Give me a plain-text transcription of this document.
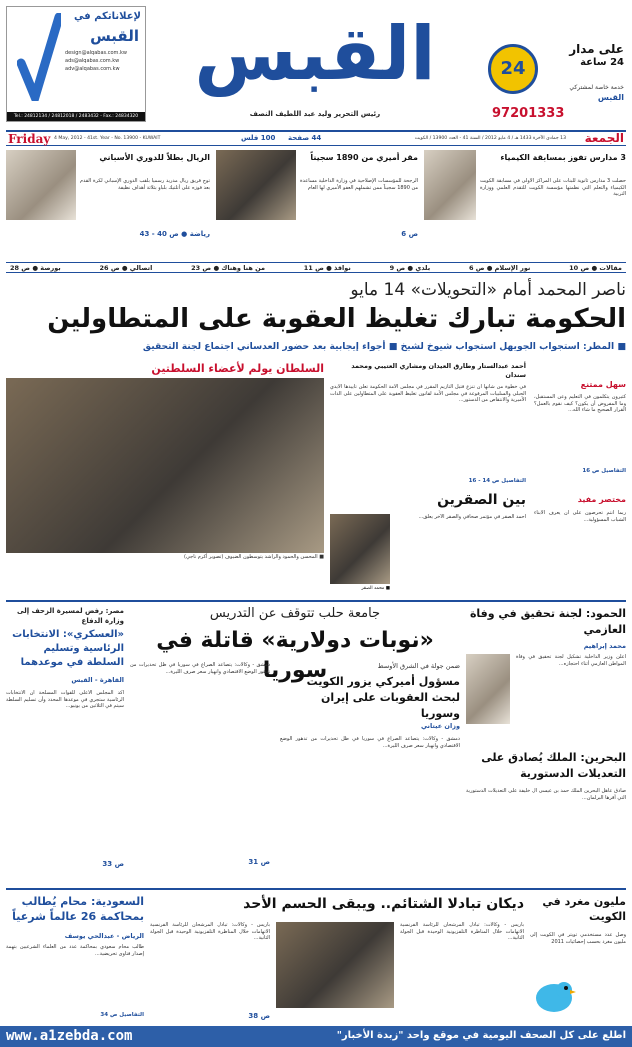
لإعلاناتكم في
القبس
design@alqabas.com.kw
ads@alqabas.com.kw
adv@alqabas.com.kw
Tel.: 24812134 / 24812018 / 2483432 - Fax.: 24834320
القبس
رئيس التحرير وليد عبد اللطيف النصف
24
على مدار
24 ساعة
خدمة خاصة لمشتركي
القبس
97201333
Friday 4 May, 2012 - 41st. Year - No. 13900 - KUWAIT	100 فلس 44 صفحة	13 جمادى الآخرة 1433 هـ / 4 مايو 2012 / السنة 41 - العدد 13900 / الكويت الجمعة
3 مدارس تفوز بمسابقة الكيمياء
حصلت 3 مدارس ثانوية للبنات على المراكز الأولى في مسابقة الكويت الكيمياء والتعلم التي نظمتها مؤسسة الكويت للتقدم العلمي ووزارة التربية
مقر أميري من 1890 سجيناً
الرجحة للمؤسسات الإصلاحية في وزارة الداخلية مساعدة من 1890 سجيناً ممن تشملهم العفو الأميري لها العام
ص 6
الريال بطلاً للدوري الأسباني
توج فريق ريال مدريد رسمياً بلقب الدوري الإسباني لكرة القدم بعد فوزه على أتلتيك بلباو بثلاثة أهداف نظيفة
رياضة ● ص 40 - 43
مقالات ● ص 10
نور الإسلام ● ص 6
بلدي ● ص 9
نواقذ ● ص 11
من هنا وهناك ● ص 23
اتصالي ● ص 26
بورصة ● ص 28
ناصر المحمد أمام «التحويلات» 14 مايو
الحكومة تبارك تغليظ العقوبة على المتطاولين
■ المطر: استجواب الجويهل استجواب شيوخ لشيخ ■ أجواء إيجابية بعد حضور العدساني اجتماع لجنة التحقيق
سهل ممتنع
كثيرون يتكلمون في التعليم وعن المستقبل، وما المفروض أن يكون؟ كيف نقوم بالعمل؟ القرار الصحيح ما شاء الله...
التفاصيل ص 16
مختصر مفيد
ربما أنتم تحرصون على أن يعرف الأبناء الشباب المسؤولية...
أحمد عبدالستار وطارق العيدان ومشاري العتيبي ومحمد سندان
في خطوة من شأنها أن تنزع فتيل التأزيم المقرر في مجلس الأمة الحكومة تعلن تأييدها الأيدي الحبلى والسلبيات المرفوعة في مجلس الأمة لقانون تغليظ العقوبة على المتطاولين على الذات الأميرية والانتقاص من الدستور...
التفاصيل ص 14 - 16
السلطان يولم لأعضاء السلطتين
■ المحسن والحمود والراشد يتوسطون الضيوف (تصوير أكرم ناجي)
بين الصقرين
أحمد الصقر في مؤتمر صحافي والصقر الآخر يعلق...
■ محمد الصقر
جامعة حلب تتوقف عن التدريس
«نوبات دولارية» قاتلة في سوريا
دمشق - وكالات: يتصاعد الصراع في سوريا في ظل تحذيرات من تدهور الوضع الاقتصادي وانهيار سعر صرف الليرة...
ضمن جولة في الشرق الأوسط
مسؤول أميركي يزور الكويت لبحث العقوبات على إيران وسوريا
وزان عيتاني
دمشق - وكالات: يتصاعد الصراع في سوريا في ظل تحذيرات من تدهور الوضع الاقتصادي وانهيار سعر صرف الليرة...
ص 31
مصر: رفض لمسيرة الزحف إلى وزارة الدفاع
«العسكري»: الانتخابات الرئاسية وتسليم السلطة في موعدهما
القاهرة - القبس
أكد المجلس الأعلى للقوات المسلحة أن الانتخابات الرئاسية ستجري في موعدها المحدد وأن تسليم السلطة سيتم في الثلاثين من يونيو...
ص 33
الحمود: لجنة تحقيق في وفاة العازمي
محمد إبراهيم
أعلن وزير الداخلية تشكيل لجنة تحقيق في وفاة المواطن العازمي أثناء احتجازه...
البحرين: الملك يُصادق على التعديلات الدستورية
صادق عاهل البحرين الملك حمد بن عيسى آل خليفة على التعديلات الدستورية التي أقرها البرلمان...
مليون مغرد في الكويت
وصل عدد مستخدمي تويتر في الكويت إلى مليون مغرد بحسب إحصائيات 2011
ديكان تبادلا الشتائم.. ويبقى الحسم الأحد
باريس - وكالات: تبادل المرشحان للرئاسة الفرنسية الاتهامات خلال المناظرة التلفزيونية الوحيدة قبل الجولة الثانية...
باريس - وكالات: تبادل المرشحان للرئاسة الفرنسية الاتهامات خلال المناظرة التلفزيونية الوحيدة قبل الجولة الثانية...
ص 38
السعودية: محام يُطالب بمحاكمة 26 عالماً شرعياً
الرياض - عبدالحي يوسف
طالب محام سعودي بمحاكمة عدد من العلماء الشرعيين بتهمة إصدار فتاوى تحريضية...
التفاصيل ص 34
www.a1zebda.com	اطلع على كل الصحف اليومية في موقع واحد "زبدة الأخبار"
